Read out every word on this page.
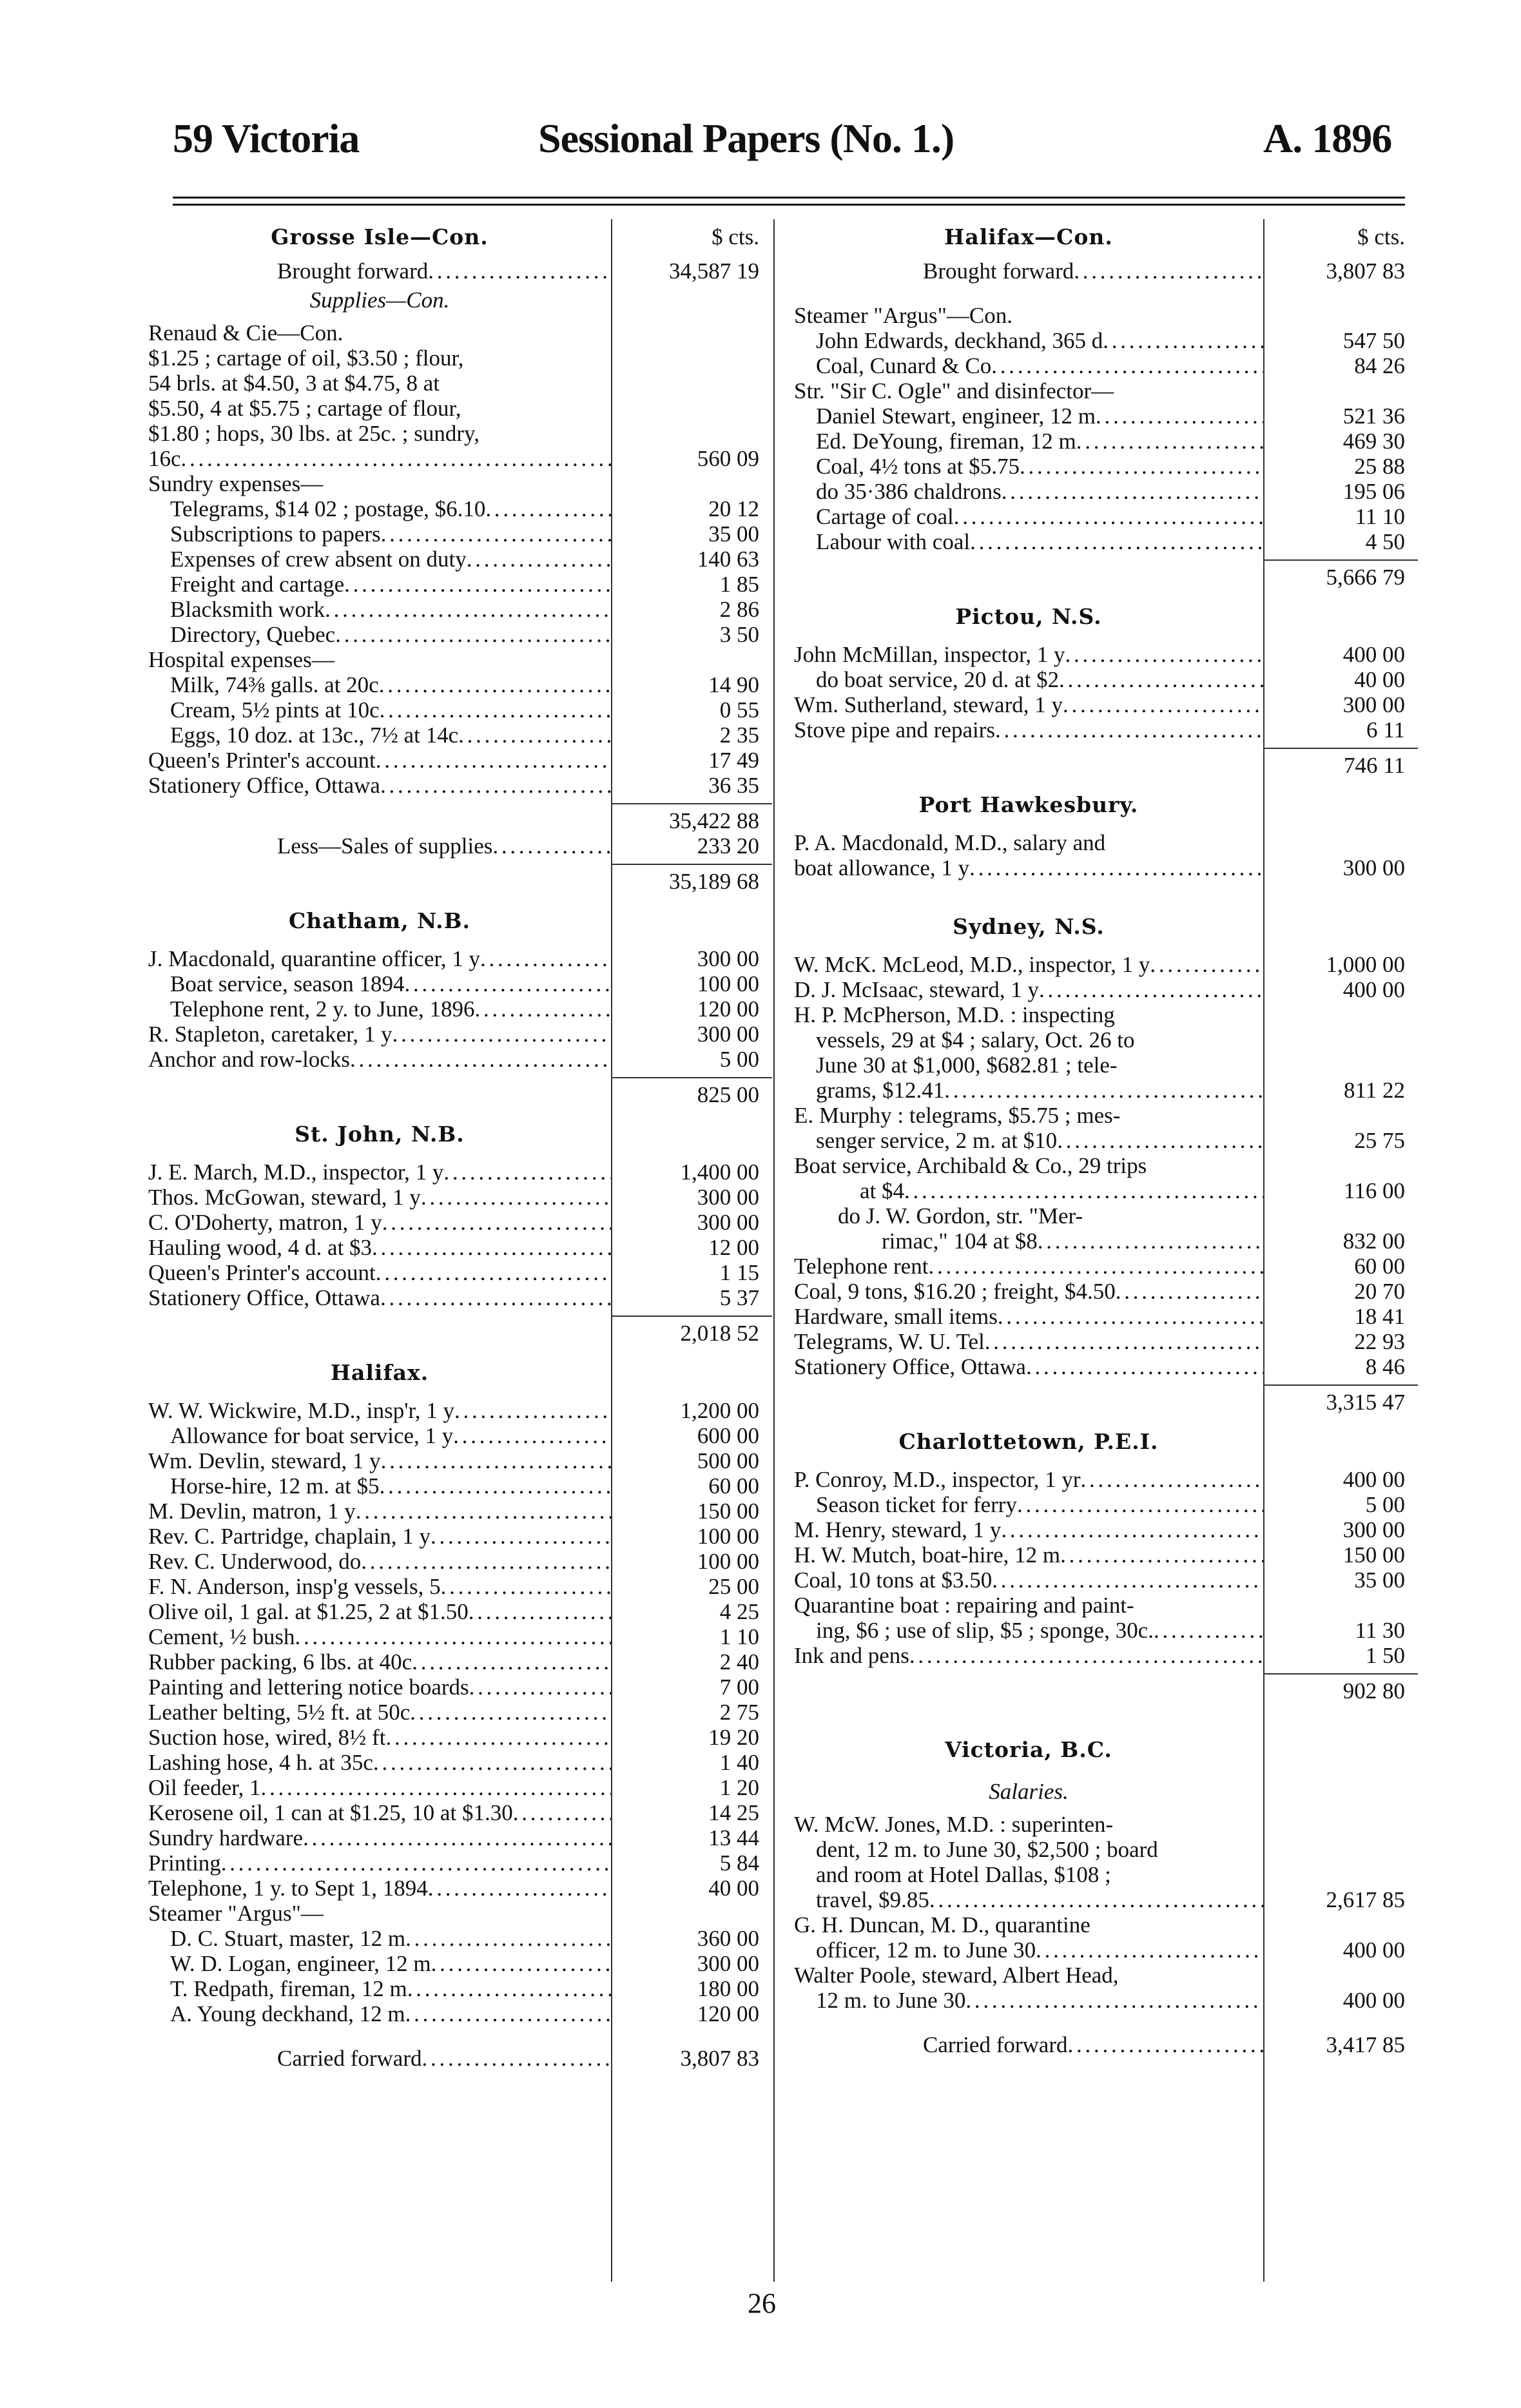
59 Victoria	Sessional Papers (No. 1.)	A. 1896
Grosse Isle—Con.	$ cts.
Brought forward . . .	34,587 19
Supplies—Con.
Renaud & Cie—Con.
$1.25 ; cartage of oil, $3.50 ; flour,
54 brls. at $4.50, 3 at $4.75, 8 at
$5.50, 4 at $5.75 ; cartage of flour,
$1.80 ; hops, 30 lbs. at 25c. ; sundry,
16c . . .	560 09
Sundry expenses—
Telegrams, $14 02 ; postage, $6.10 . . .	20 12
Subscriptions to papers . . .	35 00
Expenses of crew absent on duty . . .	140 63
Freight and cartage . . .	1 85
Blacksmith work . . .	2 86
Directory, Quebec . . .	3 50
Hospital expenses—
Milk, 74⅜ galls. at 20c . . .	14 90
Cream, 5½ pints at 10c . . .	0 55
Eggs, 10 doz. at 13c., 7½ at 14c . . .	2 35
Queen's Printer's account . . .	17 49
Stationery Office, Ottawa . . .	36 35
35,422 88
Less—Sales of supplies . . .	233 20
35,189 68
Chatham, N.B.
J. Macdonald, quarantine officer, 1 y . . .	300 00
Boat service, season 1894 . . .	100 00
Telephone rent, 2 y. to June, 1896 . . .	120 00
R. Stapleton, caretaker, 1 y . . .	300 00
Anchor and row-locks . . .	5 00
825 00
St. John, N.B.
J. E. March, M.D., inspector, 1 y . . .	1,400 00
Thos. McGowan, steward, 1 y . . .	300 00
C. O'Doherty, matron, 1 y . . .	300 00
Hauling wood, 4 d. at $3 . . .	12 00
Queen's Printer's account . . .	1 15
Stationery Office, Ottawa . . .	5 37
2,018 52
Halifax.
W. W. Wickwire, M.D., insp'r, 1 y . . .	1,200 00
Allowance for boat service, 1 y . . .	600 00
Wm. Devlin, steward, 1 y . . .	500 00
Horse-hire, 12 m. at $5 . . .	60 00
M. Devlin, matron, 1 y . . .	150 00
Rev. C. Partridge, chaplain, 1 y . . .	100 00
Rev. C. Underwood, do . . .	100 00
F. N. Anderson, insp'g vessels, 5 . . .	25 00
Olive oil, 1 gal. at $1.25, 2 at $1.50 . . .	4 25
Cement, ½ bush . . .	1 10
Rubber packing, 6 lbs. at 40c . . .	2 40
Painting and lettering notice boards . . .	7 00
Leather belting, 5½ ft. at 50c . . .	2 75
Suction hose, wired, 8½ ft . . .	19 20
Lashing hose, 4 h. at 35c . . .	1 40
Oil feeder, 1 . . .	1 20
Kerosene oil, 1 can at $1.25, 10 at $1.30 . . .	14 25
Sundry hardware . . .	13 44
Printing . . .	5 84
Telephone, 1 y. to Sept 1, 1894 . . .	40 00
Steamer "Argus"—
D. C. Stuart, master, 12 m . . .	360 00
W. D. Logan, engineer, 12 m . . .	300 00
T. Redpath, fireman, 12 m . . .	180 00
A. Young deckhand, 12 m . . .	120 00
Carried forward . . .	3,807 83
Halifax—Con.	$ cts.
Brought forward . . .	3,807 83
Steamer "Argus"—Con.
John Edwards, deckhand, 365 d . . .	547 50
Coal, Cunard & Co . . .	84 26
Str. "Sir C. Ogle" and disinfector—
Daniel Stewart, engineer, 12 m . . .	521 36
Ed. DeYoung, fireman, 12 m . . .	469 30
Coal, 4½ tons at $5.75 . . .	25 88
do 35·386 chaldrons . . .	195 06
Cartage of coal . . .	11 10
Labour with coal . . .	4 50
5,666 79
Pictou, N.S.
John McMillan, inspector, 1 y . . .	400 00
do boat service, 20 d. at $2 . . .	40 00
Wm. Sutherland, steward, 1 y . . .	300 00
Stove pipe and repairs . . .	6 11
746 11
Port Hawkesbury.
P. A. Macdonald, M.D., salary and
boat allowance, 1 y . . .	300 00
Sydney, N.S.
W. McK. McLeod, M.D., inspector, 1 y . . .	1,000 00
D. J. McIsaac, steward, 1 y . . .	400 00
H. P. McPherson, M.D. : inspecting
vessels, 29 at $4 ; salary, Oct. 26 to
June 30 at $1,000, $682.81 ; tele-
grams, $12.41 . . .	811 22
E. Murphy : telegrams, $5.75 ; mes-
senger service, 2 m. at $10 . . .	25 75
Boat service, Archibald & Co., 29 trips
at $4 . . .	116 00
do J. W. Gordon, str. "Mer-
rimac," 104 at $8 . . .	832 00
Telephone rent . . .	60 00
Coal, 9 tons, $16.20 ; freight, $4.50 . . .	20 70
Hardware, small items . . .	18 41
Telegrams, W. U. Tel . . .	22 93
Stationery Office, Ottawa . . .	8 46
3,315 47
Charlottetown, P.E.I.
P. Conroy, M.D., inspector, 1 yr . . .	400 00
Season ticket for ferry . . .	5 00
M. Henry, steward, 1 y . . .	300 00
H. W. Mutch, boat-hire, 12 m . . .	150 00
Coal, 10 tons at $3.50 . . .	35 00
Quarantine boat : repairing and paint-
ing, $6 ; use of slip, $5 ; sponge, 30c. . . .	11 30
Ink and pens . . .	1 50
902 80
Victoria, B.C.
Salaries.
W. McW. Jones, M.D. : superinten-
dent, 12 m. to June 30, $2,500 ; board
and room at Hotel Dallas, $108 ;
travel, $9.85 . . .	2,617 85
G. H. Duncan, M. D., quarantine
officer, 12 m. to June 30 . . .	400 00
Walter Poole, steward, Albert Head,
12 m. to June 30 . . .	400 00
Carried forward . . .	3,417 85
26
